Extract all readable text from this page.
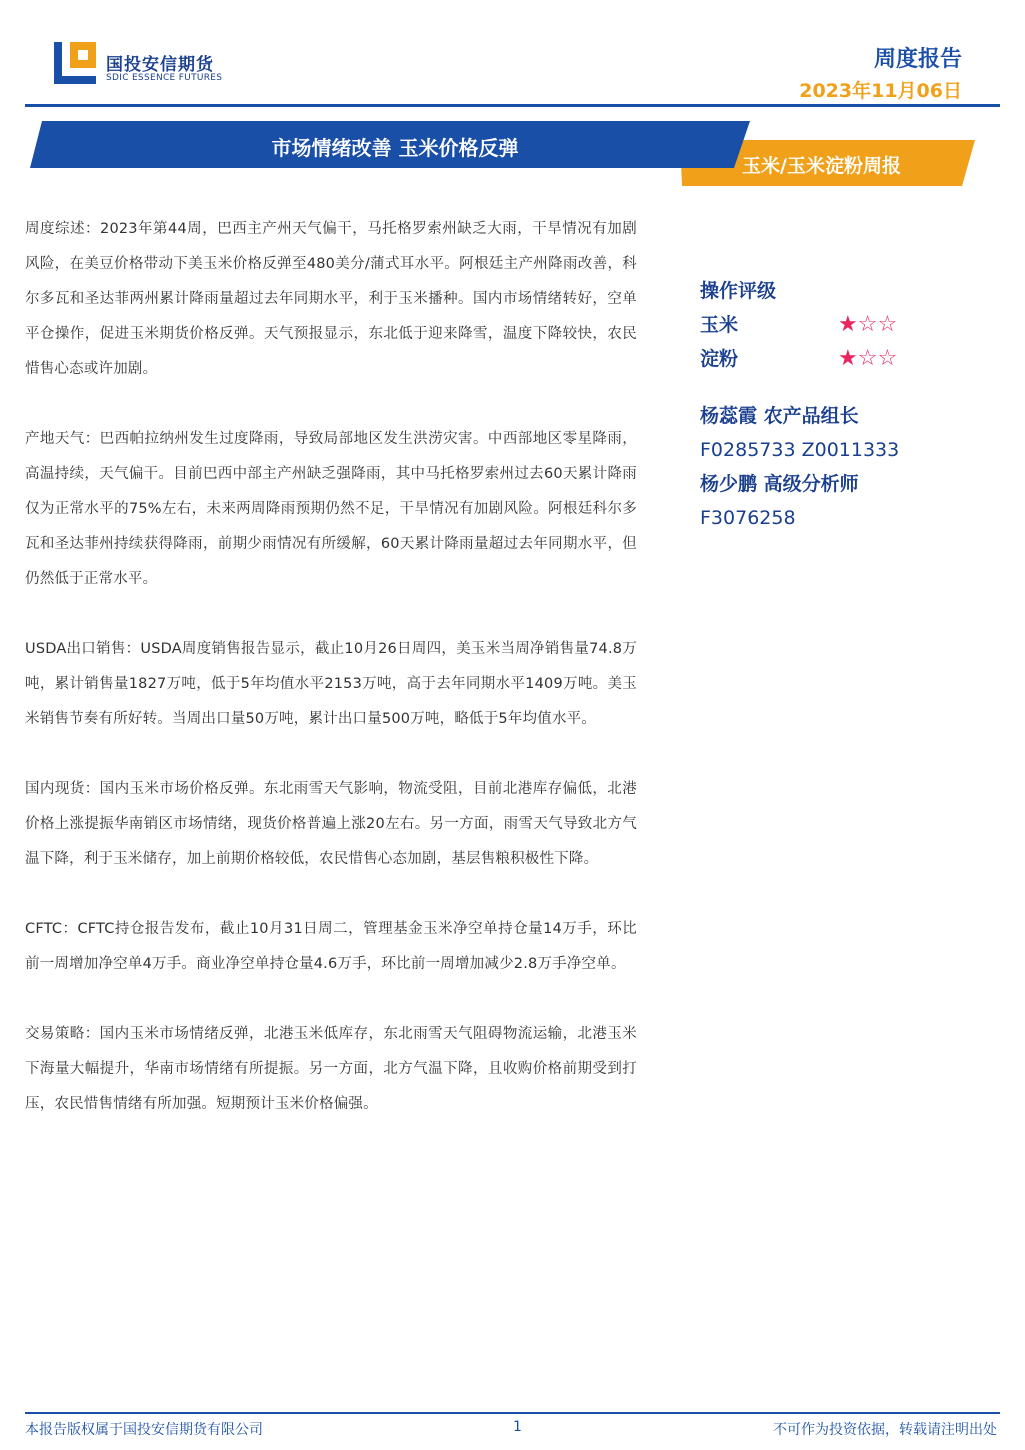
国投安信期货
SDIC ESSENCE FUTURES
周度报告
2023年11月06日
市场情绪改善 玉米价格反弹
玉米/玉米淀粉周报

周度综述：2023年第44周，巴西主产州天气偏干，马托格罗索州缺乏大雨，干旱情况有加剧风险，在美豆价格带动下美玉米价格反弹至480美分/蒲式耳水平。阿根廷主产州降雨改善，科尔多瓦和圣达菲两州累计降雨量超过去年同期水平，利于玉米播种。国内市场情绪转好，空单平仓操作，促进玉米期货价格反弹。天气预报显示，东北低于迎来降雪，温度下降较快，农民惜售心态或许加剧。

产地天气：巴西帕拉纳州发生过度降雨，导致局部地区发生洪涝灾害。中西部地区零星降雨，高温持续，天气偏干。目前巴西中部主产州缺乏强降雨，其中马托格罗索州过去60天累计降雨仅为正常水平的75%左右，未来两周降雨预期仍然不足，干旱情况有加剧风险。阿根廷科尔多瓦和圣达菲州持续获得降雨，前期少雨情况有所缓解，60天累计降雨量超过去年同期水平，但仍然低于正常水平。

USDA出口销售：USDA周度销售报告显示，截止10月26日周四，美玉米当周净销售量74.8万吨，累计销售量1827万吨，低于5年均值水平2153万吨，高于去年同期水平1409万吨。美玉米销售节奏有所好转。当周出口量50万吨，累计出口量500万吨，略低于5年均值水平。

国内现货：国内玉米市场价格反弹。东北雨雪天气影响，物流受阻，目前北港库存偏低，北港价格上涨提振华南销区市场情绪，现货价格普遍上涨20左右。另一方面，雨雪天气导致北方气温下降，利于玉米储存，加上前期价格较低，农民惜售心态加剧，基层售粮积极性下降。

CFTC：CFTC持仓报告发布，截止10月31日周二，管理基金玉米净空单持仓量14万手，环比前一周增加净空单4万手。商业净空单持仓量4.6万手，环比前一周增加减少2.8万手净空单。

交易策略：国内玉米市场情绪反弹，北港玉米低库存，东北雨雪天气阻碍物流运输，北港玉米下海量大幅提升，华南市场情绪有所提振。另一方面，北方气温下降，且收购价格前期受到打压，农民惜售情绪有所加强。短期预计玉米价格偏强。

操作评级
玉米	★☆☆
淀粉	★☆☆
杨蕊霞 农产品组长
F0285733 Z0011333
杨少鹏 高级分析师
F3076258
本报告版权属于国投安信期货有限公司	1	不可作为投资依据，转载请注明出处
